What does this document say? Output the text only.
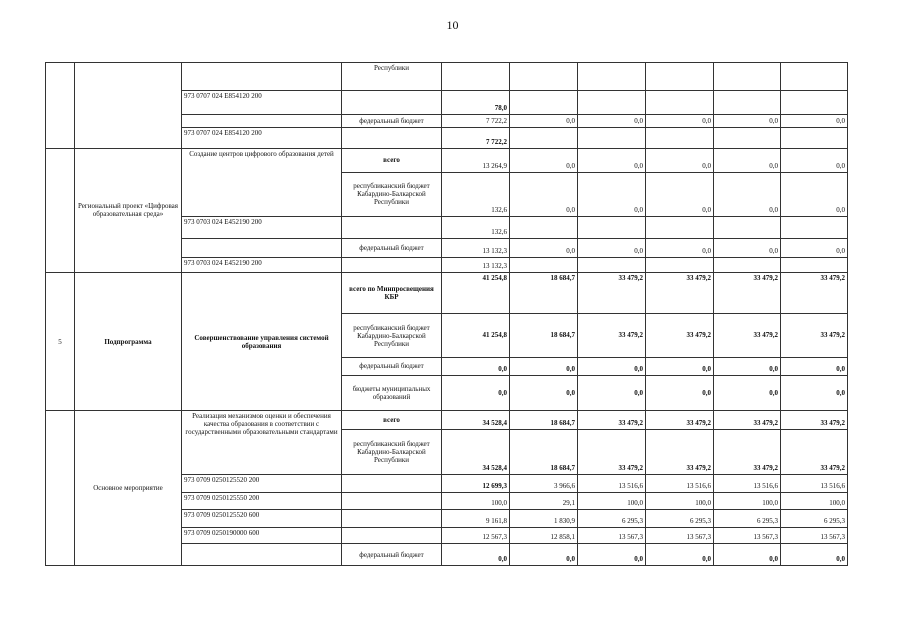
10
			Республики						
		973 0707 024 Е854120 200		78,0					
			федеральный бюджет	7 722,2	0,0	0,0	0,0	0,0	0,0
		973 0707 024 Е854120 200		7 722,2					
	Региональный проект «Цифровая образовательная среда»	Создание центров цифрового образования детей	всего	13 264,9	0,0	0,0	0,0	0,0	0,0
			республиканский бюджет Кабардино-Балкарской Республики	132,6	0,0	0,0	0,0	0,0	0,0
		973 0703 024 Е452190 200		132,6					
			федеральный бюджет	13 132,3	0,0	0,0	0,0	0,0	0,0
		973 0703 024 Е452190 200		13 132,3					
5	Подпрограмма	Совершенствование управления системой образования	всего по Минпросвещения КБР	41 254,8	18 684,7	33 479,2	33 479,2	33 479,2	33 479,2
			республиканский бюджет Кабардино-Балкарской Республики	41 254,8	18 684,7	33 479,2	33 479,2	33 479,2	33 479,2
			федеральный бюджет	0,0	0,0	0,0	0,0	0,0	0,0
			бюджеты муниципальных образований	0,0	0,0	0,0	0,0	0,0	0,0
	Основное мероприятие	Реализация механизмов оценки и обеспечения качества образования в соответствии с государственными образовательными стандартами	всего	34 528,4	18 684,7	33 479,2	33 479,2	33 479,2	33 479,2
			республиканский бюджет Кабардино-Балкарской Республики	34 528,4	18 684,7	33 479,2	33 479,2	33 479,2	33 479,2
		973 0709 0250125520 200		12 699,3	3 966,6	13 516,6	13 516,6	13 516,6	13 516,6
		973 0709 0250125550 200		100,0	29,1	100,0	100,0	100,0	100,0
		973 0709 0250125520 600		9 161,8	1 830,9	6 295,3	6 295,3	6 295,3	6 295,3
		973 0709 0250190000 600		12 567,3	12 858,1	13 567,3	13 567,3	13 567,3	13 567,3
			федеральный бюджет	0,0	0,0	0,0	0,0	0,0	0,0
